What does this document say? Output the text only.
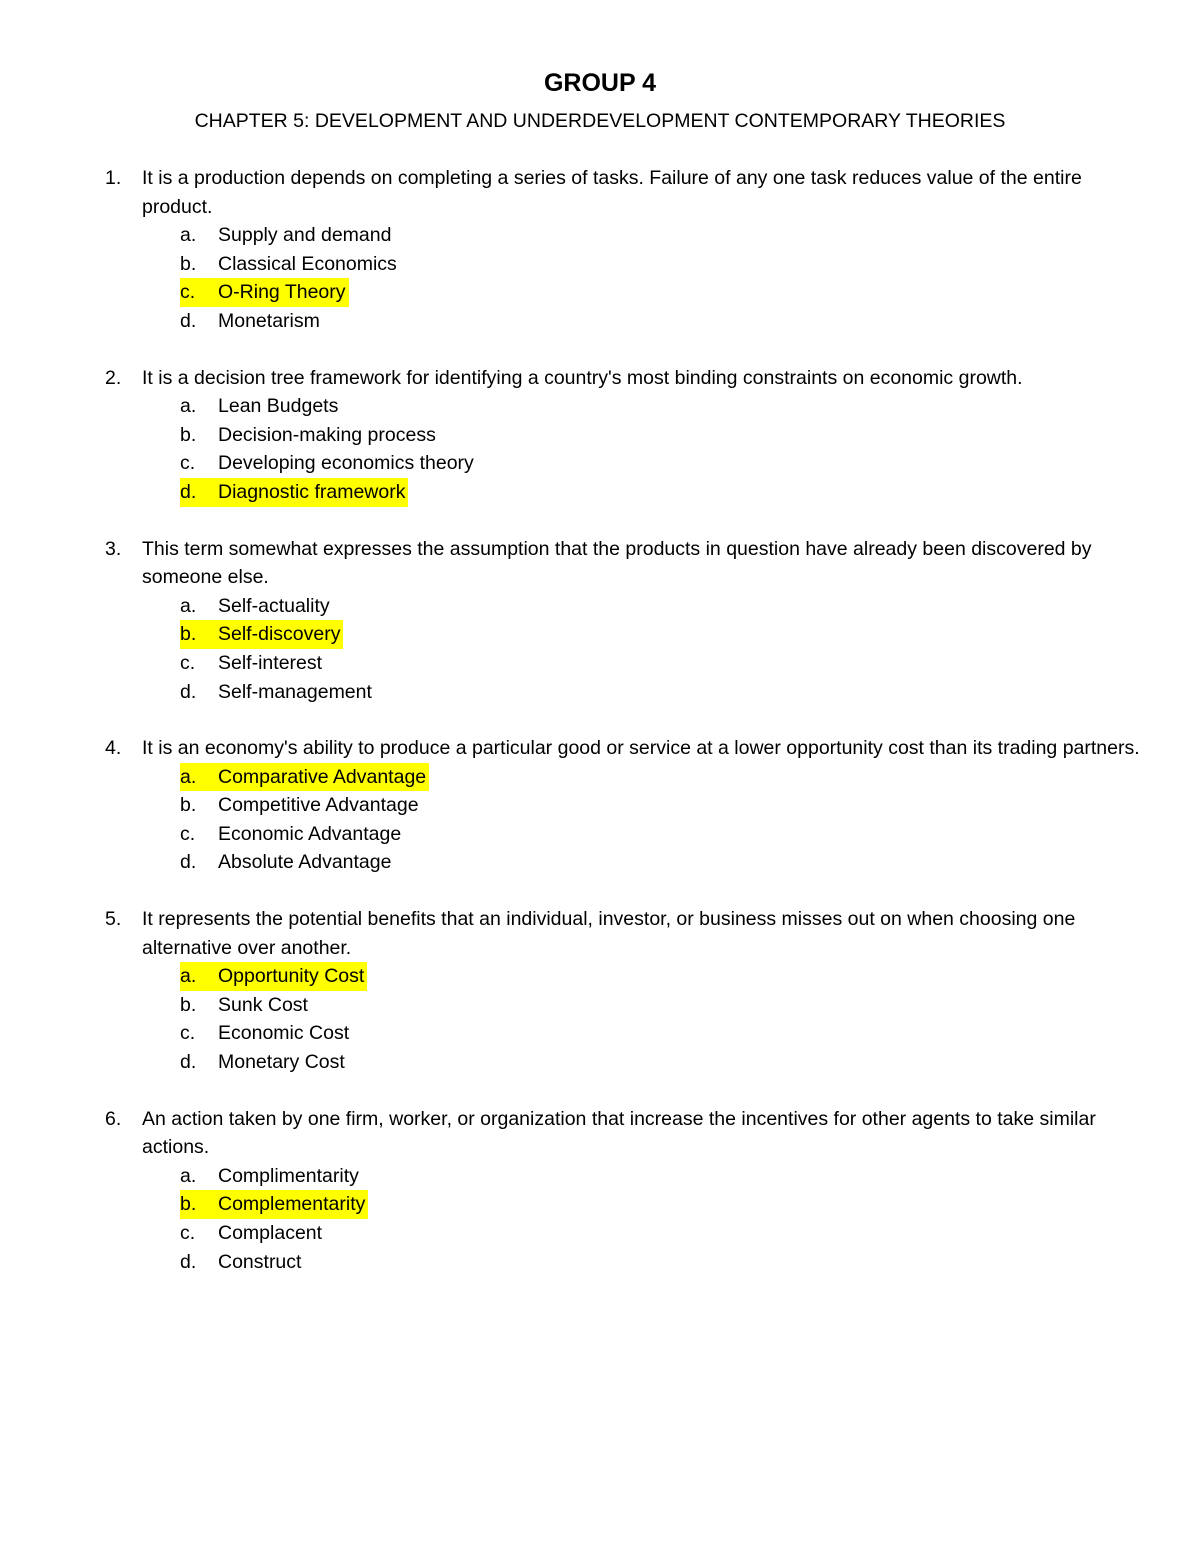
GROUP 4
CHAPTER 5: DEVELOPMENT AND UNDERDEVELOPMENT CONTEMPORARY THEORIES
1.	It is a production depends on completing a series of tasks. Failure of any one task reduces value of the entire product.
a. Supply and demand
b. Classical Economics
c. O-Ring Theory
d. Monetarism
2.	It is a decision tree framework for identifying a country's most binding constraints on economic growth.
a. Lean Budgets
b. Decision-making process
c. Developing economics theory
d. Diagnostic framework
3.	This term somewhat expresses the assumption that the products in question have already been discovered by someone else.
a. Self-actuality
b. Self-discovery
c. Self-interest
d. Self-management
4.	It is an economy's ability to produce a particular good or service at a lower opportunity cost than its trading partners.
a. Comparative Advantage
b. Competitive Advantage
c. Economic Advantage
d. Absolute Advantage
5.	It represents the potential benefits that an individual, investor, or business misses out on when choosing one alternative over another.
a. Opportunity Cost
b. Sunk Cost
c. Economic Cost
d. Monetary Cost
6.	An action taken by one firm, worker, or organization that increase the incentives for other agents to take similar actions.
a. Complimentarity
b. Complementarity
c. Complacent
d. Construct
